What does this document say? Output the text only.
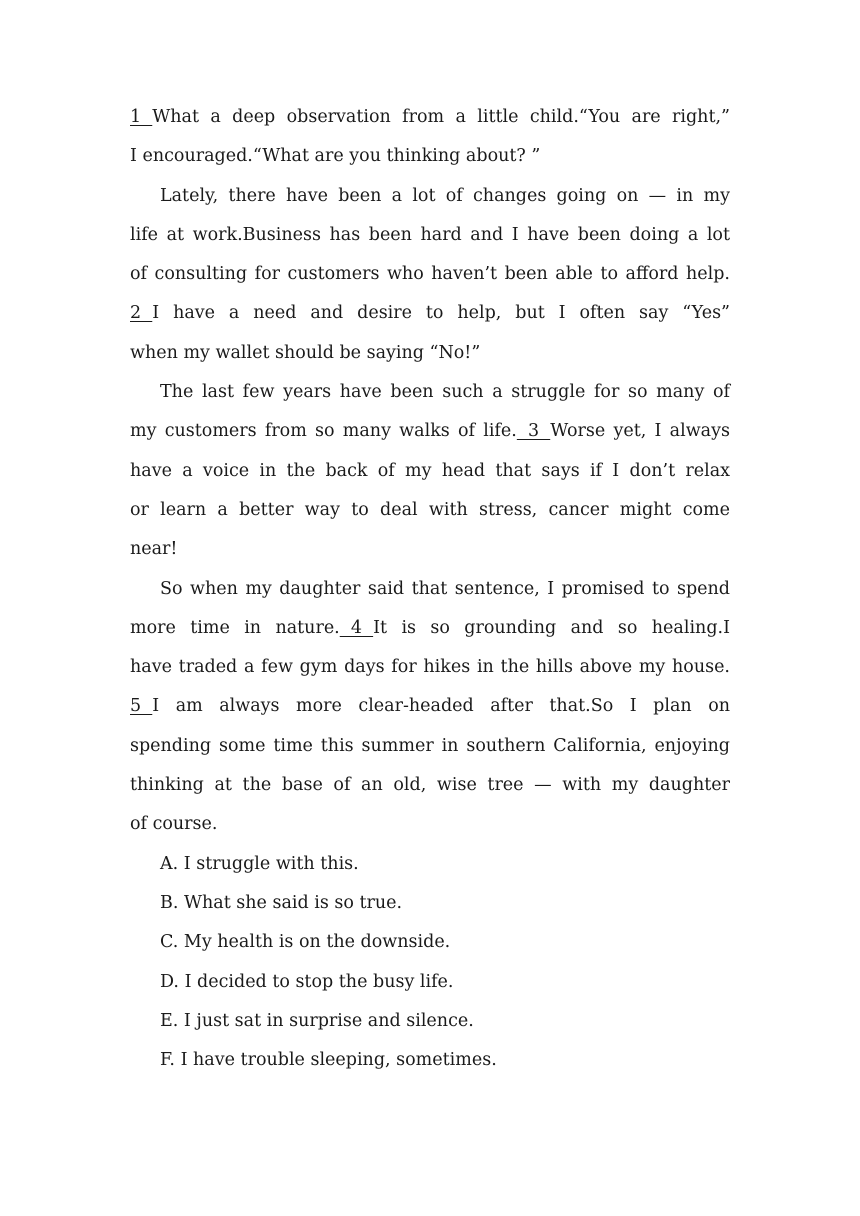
1  What a deep observation from a little child.“You are right,”
I encouraged.“What are you thinking about? ”
Lately, there have been a lot of changes going on — in my
life at work.Business has been hard and I have been doing a lot
of consulting for customers who haven’t been able to afford help.
2  I have a need and desire to help, but I often say “Yes”
when my wallet should be saying “No!”
The last few years have been such a struggle for so many of
my customers from so many walks of life.  3  Worse yet, I always
have a voice in the back of my head that says if I don’t relax
or learn a better way to deal with stress, cancer might come
near!
So when my daughter said that sentence, I promised to spend
more time in nature.  4  It is so grounding and so healing.I
have traded a few gym days for hikes in the hills above my house.
5  I am always more clear-headed after that.So I plan on
spending some time this summer in southern California, enjoying
thinking at the base of an old, wise tree — with my daughter
of course.
A. I struggle with this.
B. What she said is so true.
C. My health is on the downside.
D. I decided to stop the busy life.
E. I just sat in surprise and silence.
F. I have trouble sleeping, sometimes.
